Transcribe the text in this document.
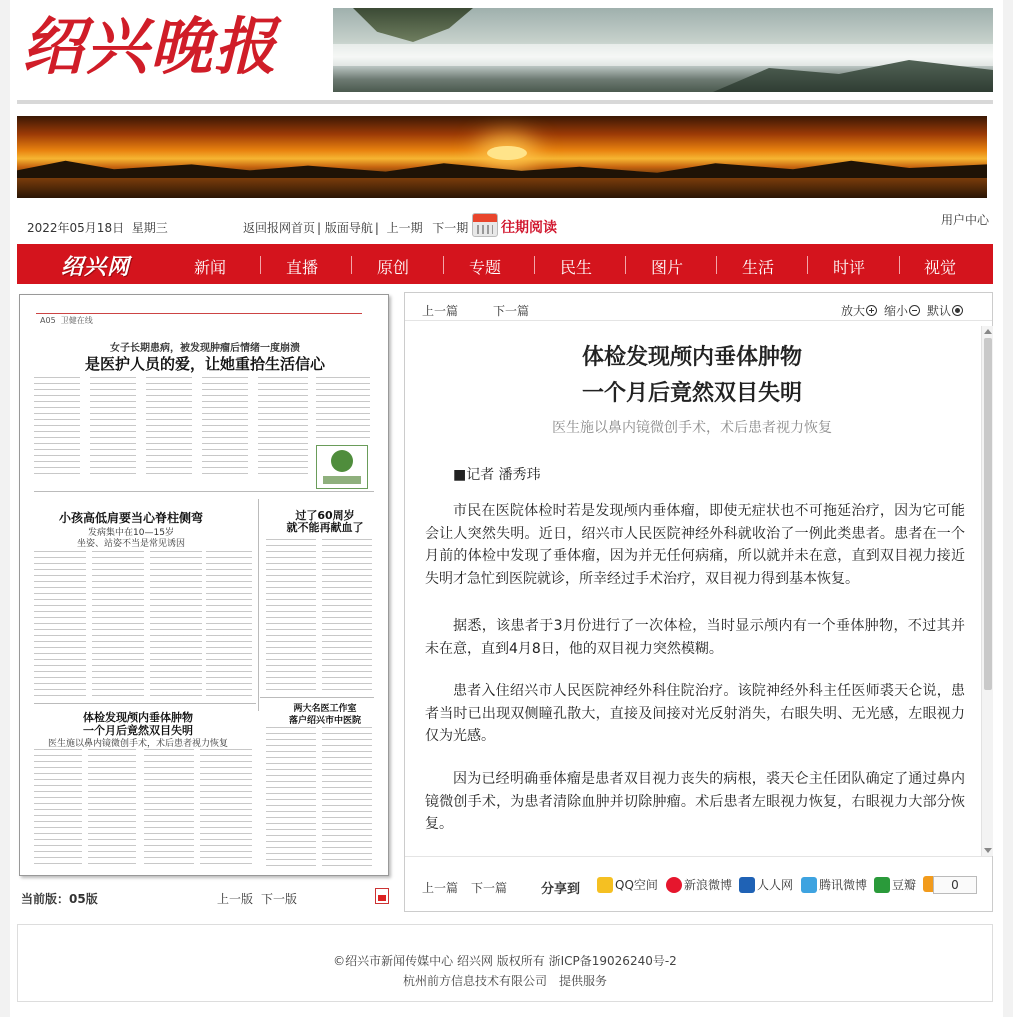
绍兴晚报
2022年05月18日 星期三	返回报网首页 | 版面导航 |  上一期 下一期 往期阅读	用户中心
绍兴网	新闻	直播	原创	专题	民生	图片	生活	时评	视觉
A05 卫健在线
女子长期患病，被发现肿瘤后情绪一度崩溃
是医护人员的爱，让她重拾生活信心
小孩高低肩要当心脊柱侧弯
发病集中在10—15岁
坐姿、站姿不当是常见诱因
过了60周岁
就不能再献血了
两大名医工作室
落户绍兴市中医院
体检发现颅内垂体肿物
一个月后竟然双目失明
医生施以鼻内镜微创手术，术后患者视力恢复
当前版：05版	上一版 下一版
上一篇	下一篇	放大	缩小	默认
体检发现颅内垂体肿物
一个月后竟然双目失明
医生施以鼻内镜微创手术，术后患者视力恢复
■记者 潘秀玮

市民在医院体检时若是发现颅内垂体瘤，即使无症状也不可拖延治疗，因为它可能会让人突然失明。近日，绍兴市人民医院神经外科就收治了一例此类患者。患者在一个月前的体检中发现了垂体瘤，因为并无任何病痛，所以就并未在意，直到双目视力接近失明才急忙到医院就诊，所幸经过手术治疗，双目视力得到基本恢复。

据悉，该患者于3月份进行了一次体检，当时显示颅内有一个垂体肿物，不过其并未在意，直到4月8日，他的双目视力突然模糊。

患者入住绍兴市人民医院神经外科住院治疗。该院神经外科主任医师裘天仑说，患者当时已出现双侧瞳孔散大，直接及间接对光反射消失，右眼失明、无光感，左眼视力仅为光感。

因为已经明确垂体瘤是患者双目视力丧失的病根，裘天仑主任团队确定了通过鼻内镜微创手术，为患者清除血肿并切除肿瘤。术后患者左眼视力恢复，右眼视力大部分恢复。

上一篇 下一篇	分享到	QQ空间	新浪微博	人人网	腾讯微博	豆瓣	0
©绍兴市新闻传媒中心 绍兴网 版权所有 浙ICP备19026240号-2
杭州前方信息技术有限公司　提供服务
